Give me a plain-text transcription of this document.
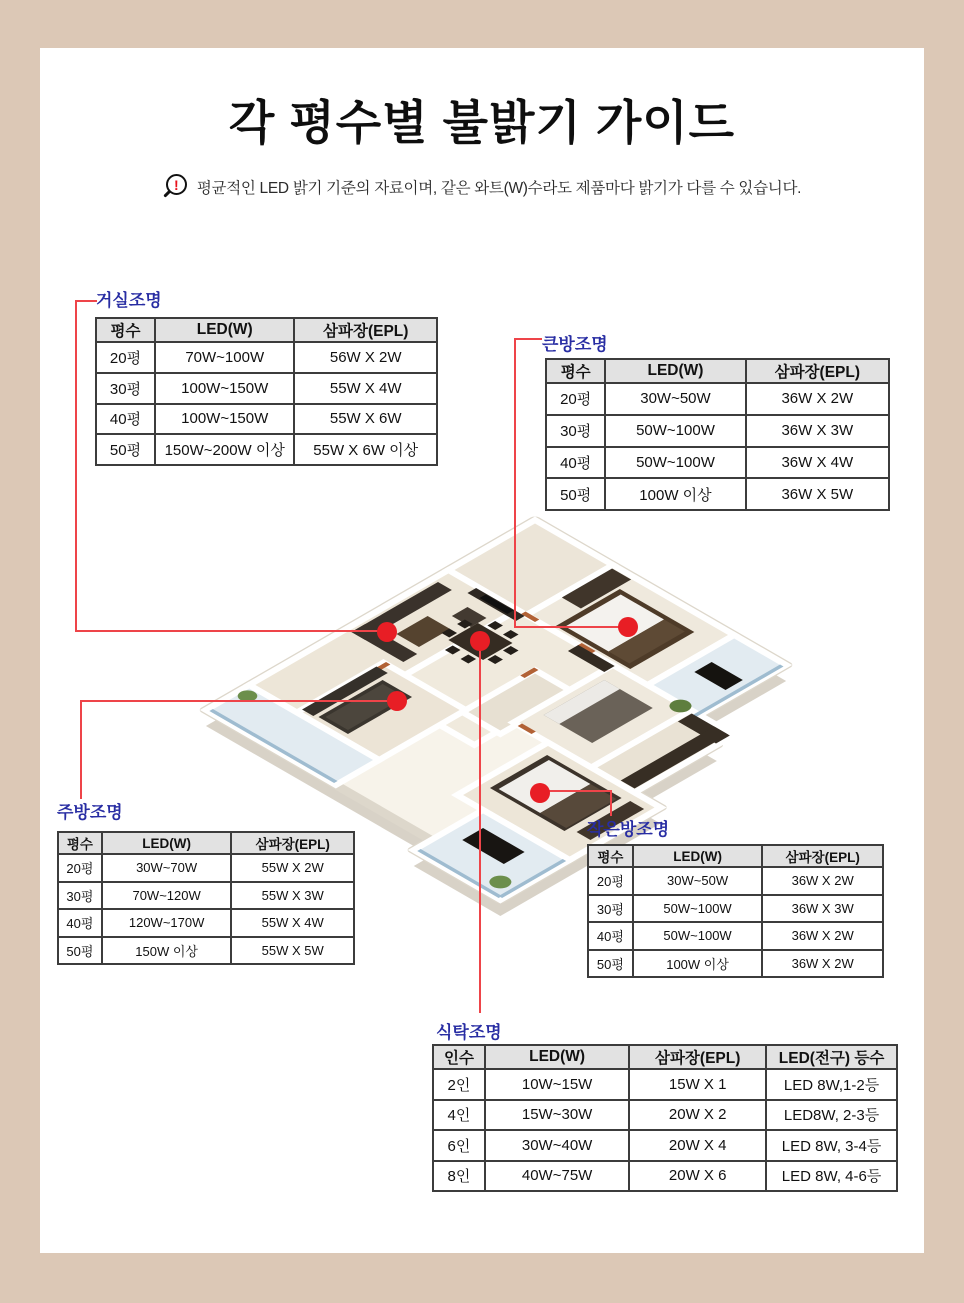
각 평수별 불밝기 가이드
! 평균적인 LED 밝기 기준의 자료이며, 같은 와트(W)수라도 제품마다 밝기가 다를 수 있습니다.
거실조명
큰방조명
주방조명
작은방조명
식탁조명
평수	LED(W)	삼파장(EPL)
20평	70W~100W	56W X 2W
30평	100W~150W	55W X 4W
40평	100W~150W	55W X 6W
50평	150W~200W 이상	55W X 6W 이상
평수	LED(W)	삼파장(EPL)
20평	30W~50W	36W X 2W
30평	50W~100W	36W X 3W
40평	50W~100W	36W X 4W
50평	100W 이상	36W X 5W
평수	LED(W)	삼파장(EPL)
20평	30W~70W	55W X 2W
30평	70W~120W	55W X 3W
40평	120W~170W	55W X 4W
50평	150W 이상	55W X 5W
평수	LED(W)	삼파장(EPL)
20평	30W~50W	36W X 2W
30평	50W~100W	36W X 3W
40평	50W~100W	36W X 2W
50평	100W 이상	36W X 2W
인수	LED(W)	삼파장(EPL)	LED(전구) 등수
2인	10W~15W	15W X 1	LED 8W,1-2등
4인	15W~30W	20W X 2	LED8W, 2-3등
6인	30W~40W	20W X 4	LED 8W, 3-4등
8인	40W~75W	20W X 6	LED 8W, 4-6등
